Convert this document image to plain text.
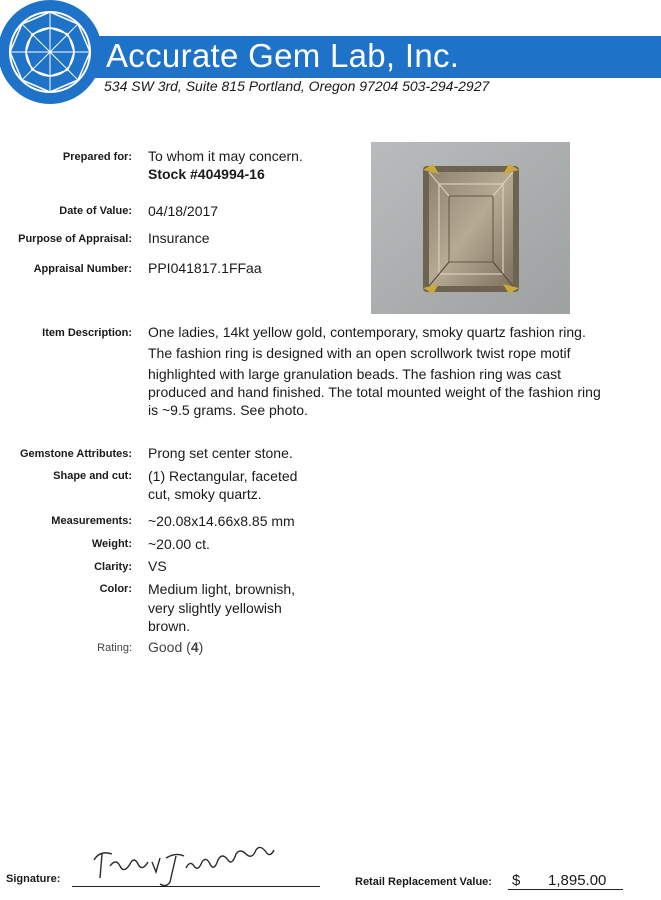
Accurate Gem Lab, Inc.
534 SW 3rd, Suite 815 Portland, Oregon 97204 503-294-2927
Prepared for: To whom it may concern.
Stock #404994-16
Date of Value: 04/18/2017
Purpose of Appraisal: Insurance
Appraisal Number: PPI041817.1FFaa
Item Description: One ladies, 14kt yellow gold, contemporary, smoky quartz fashion ring.
The fashion ring is designed with an open scrollwork twist rope motif
highlighted with large granulation beads. The fashion ring was cast
produced and hand finished. The total mounted weight of the fashion ring
is ~9.5 grams. See photo.
Gemstone Attributes: Prong set center stone.
Shape and cut: (1) Rectangular, faceted
cut, smoky quartz.
Measurements: ~20.08x14.66x8.85 mm
Weight: ~20.00 ct.
Clarity: VS
Color: Medium light, brownish,
very slightly yellowish
brown.
Rating: Good (4)
Signature:	Retail Replacement Value: $ 1,895.00
